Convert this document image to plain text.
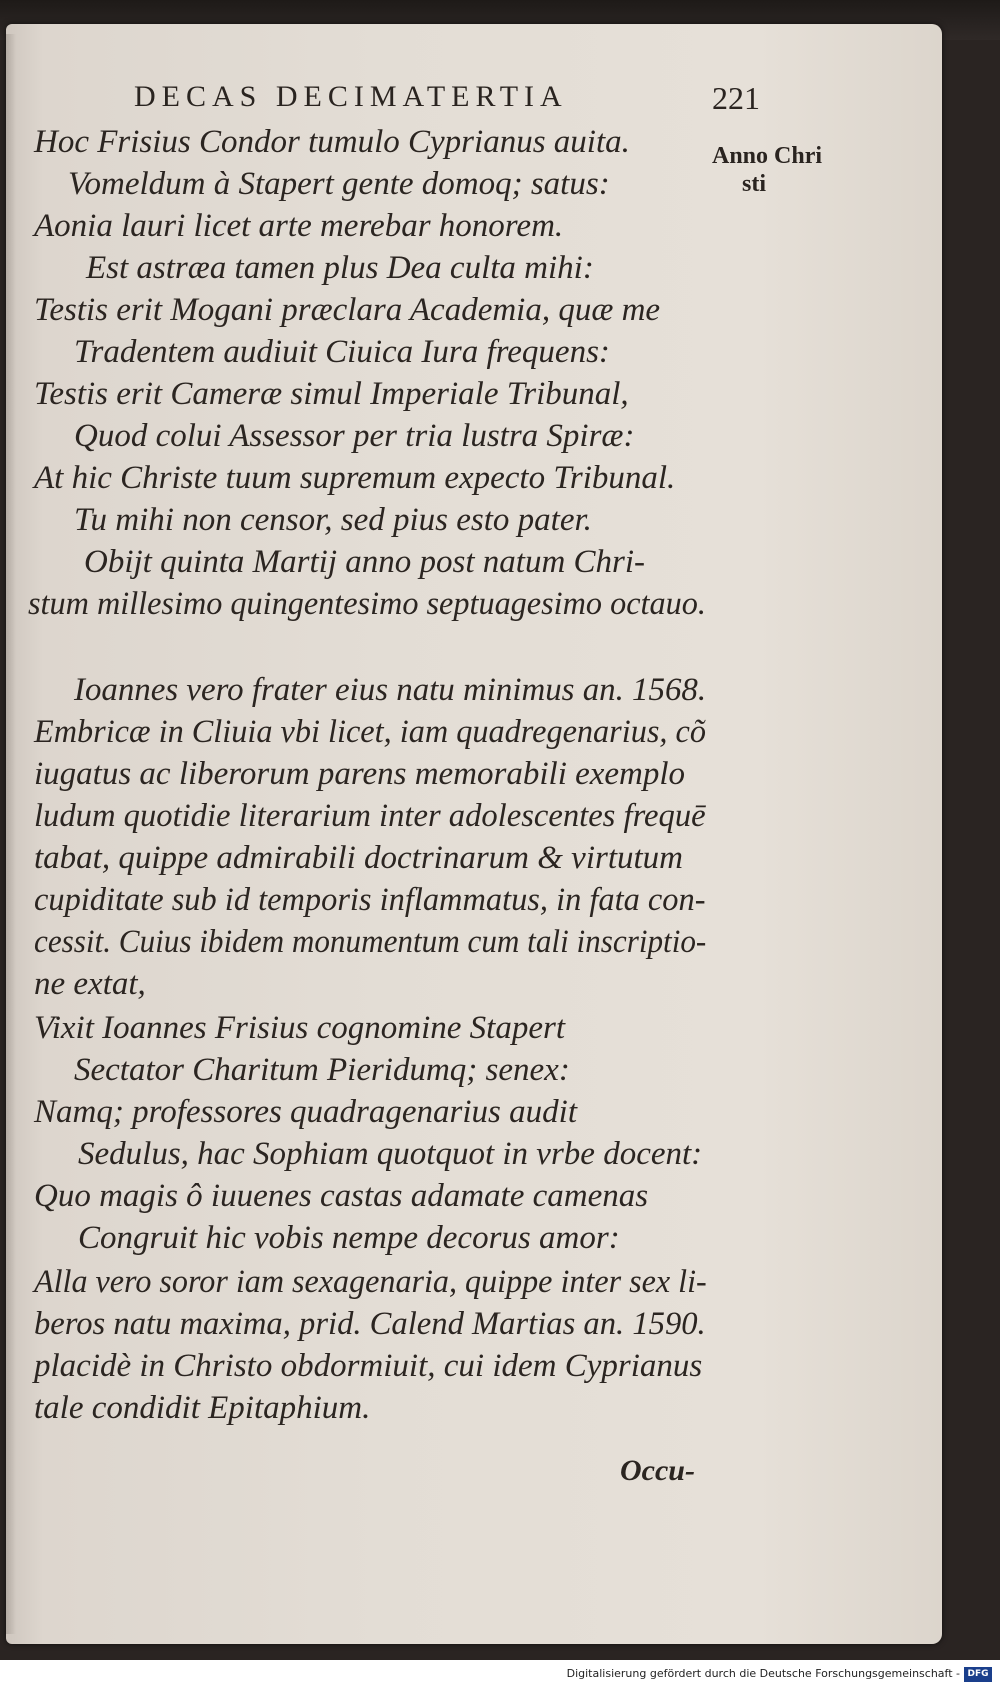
DECAS DECIMATERTIA	221
Anno Chri
sti
Hoc Frisius Condor tumulo Cyprianus auita.
Vomeldum à Stapert gente domoq; satus:
Aonia lauri licet arte merebar honorem.
Est astræa tamen plus Dea culta mihi:
Testis erit Mogani præclara Academia, quæ me
Tradentem audiuit Ciuica Iura frequens:
Testis erit Cameræ simul Imperiale Tribunal,
Quod colui Assessor per tria lustra Spiræ:
At hic Christe tuum supremum expecto Tribunal.
Tu mihi non censor, sed pius esto pater.
Obijt quinta Martij anno post natum Chri-
stum millesimo quingentesimo septuagesimo octauo.
Ioannes vero frater eius natu minimus an. 1568.
Embricæ in Cliuia vbi licet, iam quadregenarius, cõ
iugatus ac liberorum parens memorabili exemplo
ludum quotidie literarium inter adolescentes frequē
tabat, quippe admirabili doctrinarum & virtutum
cupiditate sub id temporis inflammatus, in fata con-
cessit. Cuius ibidem monumentum cum tali inscriptio-
ne extat,
Vixit Ioannes Frisius cognomine Stapert
Sectator Charitum Pieridumq; senex:
Namq; professores quadragenarius audit
Sedulus, hac Sophiam quotquot in vrbe docent:
Quo magis ô iuuenes castas adamate camenas
Congruit hic vobis nempe decorus amor:
Alla vero soror iam sexagenaria, quippe inter sex li-
beros natu maxima, prid. Calend Martias an. 1590.
placidè in Christo obdormiuit, cui idem Cyprianus
tale condidit Epitaphium.
Occu-
Digitalisierung gefördert durch die Deutsche Forschungsgemeinschaft - DFG
